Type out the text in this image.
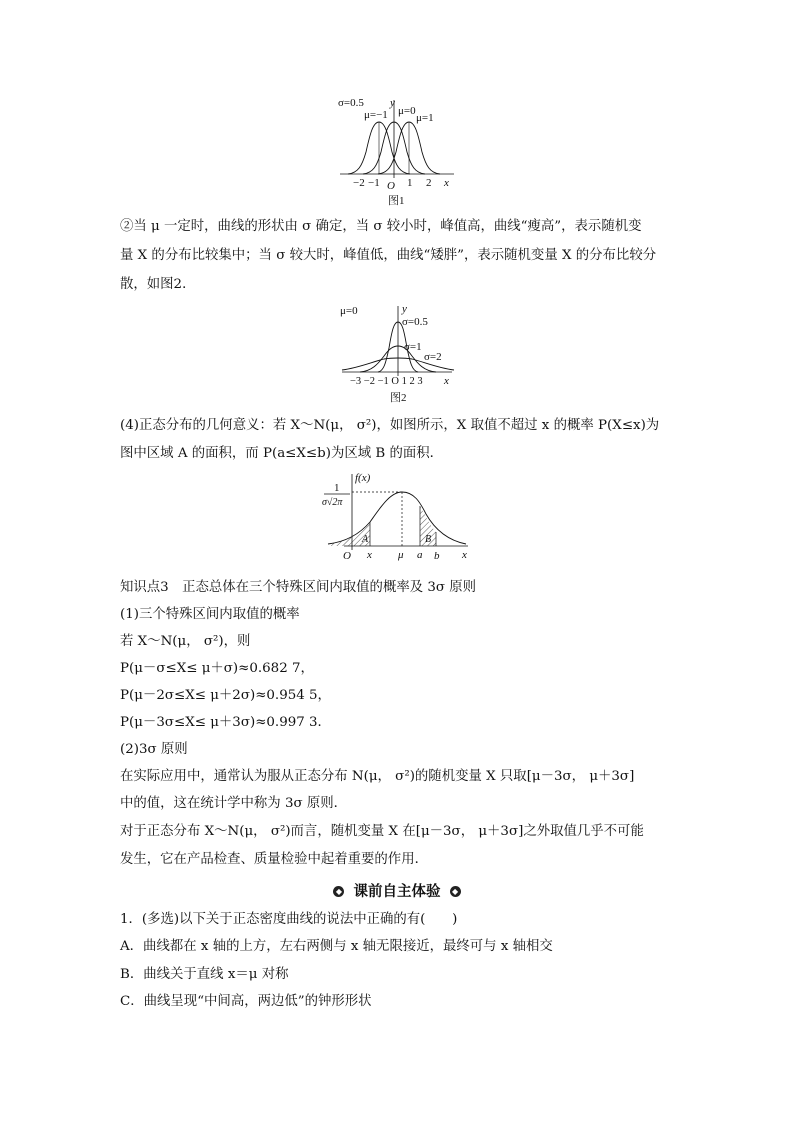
σ=0.5 y
μ=−1 μ=0
μ=1
−2 −1 O 1 2 x
图1
②当 μ 一定时，曲线的形状由 σ 确定，当 σ 较小时，峰值高，曲线“瘦高”，表示随机变
量 X 的分布比较集中；当 σ 较大时，峰值低，曲线“矮胖”，表示随机变量 X 的分布比较分
散，如图2．
μ=0	y
σ=0.5
σ=1
σ=2
−3 −2 −1 O 1 2 3 x
图2
(4)正态分布的几何意义：若 X～N(μ， σ²)，如图所示，X 取值不超过 x 的概率 P(X≤x)为
图中区域 A 的面积，而 P(a≤X≤b)为区域 B 的面积．
f(x)
1
σ√2π
O x μ a b x
A	B
知识点3　正态总体在三个特殊区间内取值的概率及 3σ 原则
(1)三个特殊区间内取值的概率
若 X～N(μ， σ²)，则
P(μ－σ≤X≤ μ＋σ)≈0.682 7，
P(μ－2σ≤X≤ μ＋2σ)≈0.954 5，
P(μ－3σ≤X≤ μ＋3σ)≈0.997 3．
(2)3σ 原则
在实际应用中，通常认为服从正态分布 N(μ， σ²)的随机变量 X 只取[μ－3σ， μ＋3σ]
中的值，这在统计学中称为 3σ 原则．
对于正态分布 X～N(μ， σ²)而言，随机变量 X 在[μ－3σ， μ＋3σ]之外取值几乎不可能
发生，它在产品检查、质量检验中起着重要的作用．
◆ 课前自主体验 ◆
1．(多选)以下关于正态密度曲线的说法中正确的有(　　)
A．曲线都在 x 轴的上方，左右两侧与 x 轴无限接近，最终可与 x 轴相交
B．曲线关于直线 x＝μ 对称
C．曲线呈现“中间高，两边低”的钟形形状
